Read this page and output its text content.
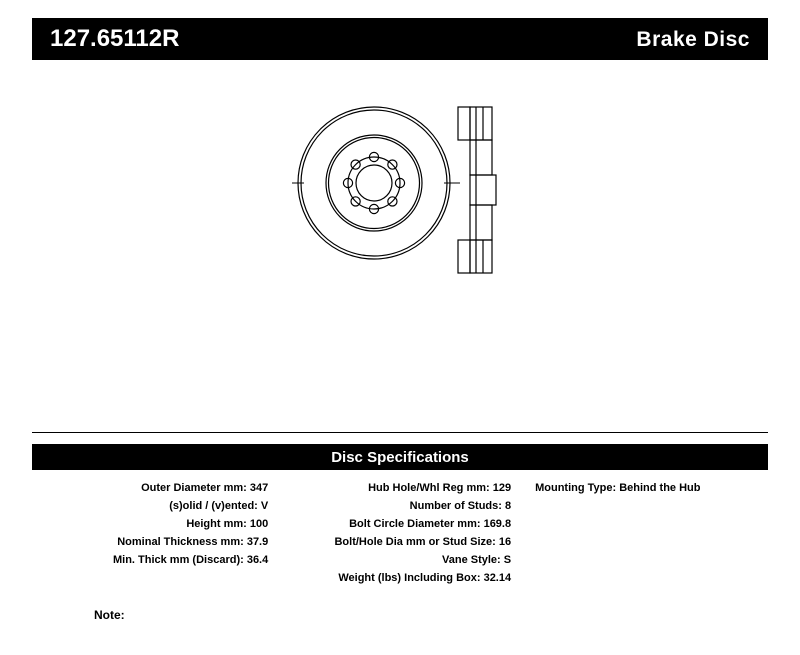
127.65112R	Brake Disc
Disc Specifications
Outer Diameter mm: 347
(s)olid / (v)ented: V
Height mm: 100
Nominal Thickness mm: 37.9
Min. Thick mm (Discard): 36.4
Hub Hole/Whl Reg mm: 129
Number of Studs: 8
Bolt Circle Diameter mm: 169.8
Bolt/Hole Dia mm or Stud Size: 16
Vane Style: S
Weight (lbs) Including Box: 32.14
Mounting Type: Behind the Hub
Note:
